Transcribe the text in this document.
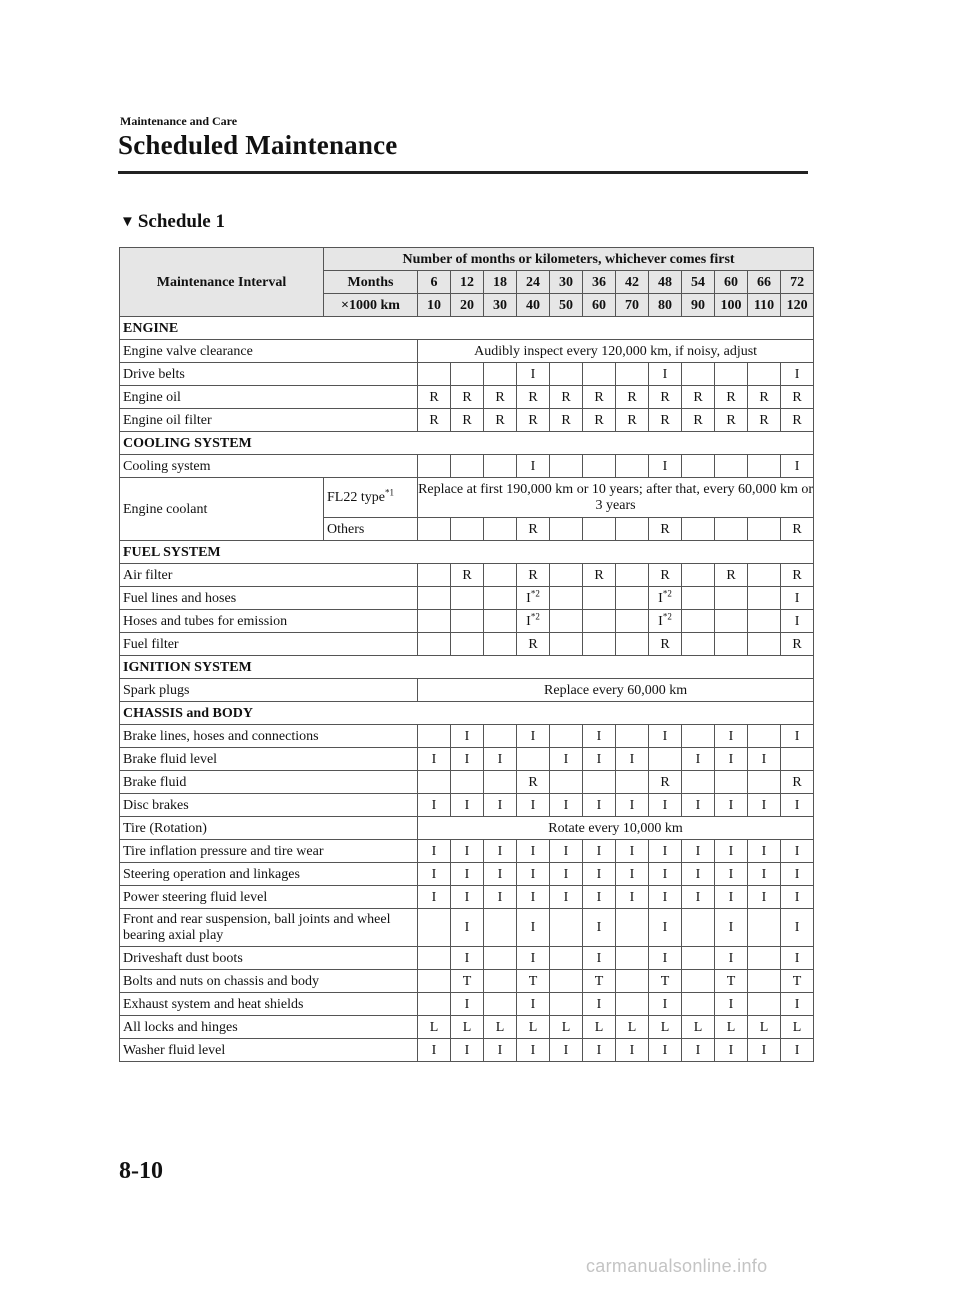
Maintenance and Care
Scheduled Maintenance
▼ Schedule 1
Maintenance Interval	Number of months or kilometers, whichever comes first												
	Months	6	12	18	24	30	36	42	48	54	60	66	72
	×1000 km	10	20	30	40	50	60	70	80	90	100	110	120
ENGINE													
Engine valve clearance		Audibly inspect every 120,000 km, if noisy, adjust											
Drive belts					I				I				I
Engine oil		R	R	R	R	R	R	R	R	R	R	R	R
Engine oil filter		R	R	R	R	R	R	R	R	R	R	R	R
COOLING SYSTEM													
Cooling system					I				I				I
Engine coolant	FL22 type$^{*1}$	Replace at first 190,000 km or 10 years; after that, every 60,000 km or 3 years											
	Others				R				R				R
FUEL SYSTEM													
Air filter			R		R		R		R		R		R
Fuel lines and hoses					$I^{*2}$				$I^{*2}$				I
Hoses and tubes for emission					$I^{*2}$				$I^{*2}$				I
Fuel filter					R				R				R
IGNITION SYSTEM													
Spark plugs		Replace every 60,000 km											
CHASSIS and BODY													
Brake lines, hoses and connections			I		I		I		I		I		I
Brake fluid level		I	I	I		I	I	I		I	I	I	
Brake fluid					R				R				R
Disc brakes		I	I	I	I	I	I	I	I	I	I	I	I
Tire (Rotation)		Rotate every 10,000 km											
Tire inflation pressure and tire wear		I	I	I	I	I	I	I	I	I	I	I	I
Steering operation and linkages		I	I	I	I	I	I	I	I	I	I	I	I
Power steering fluid level		I	I	I	I	I	I	I	I	I	I	I	I
Front and rear suspension, ball joints and wheel bearing axial play			I		I		I		I		I		I
Driveshaft dust boots			I		I		I		I		I		I
Bolts and nuts on chassis and body			T		T		T		T		T		T
Exhaust system and heat shields			I		I		I		I		I		I
All locks and hinges		L	L	L	L	L	L	L	L	L	L	L	L
Washer fluid level		I	I	I	I	I	I	I	I	I	I	I	I
8-10
carmanualsonline.info
